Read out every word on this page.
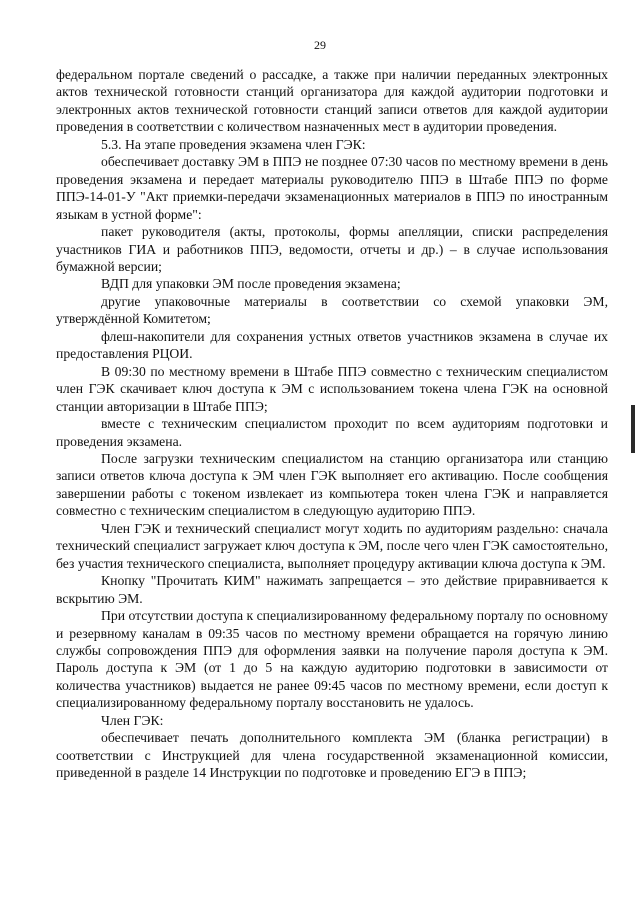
29

федеральном портале сведений о рассадке, а также при наличии переданных электронных актов технической готовности станций организатора для каждой аудитории подготовки и электронных актов технической готовности станций записи ответов для каждой аудитории проведения в соответствии с количеством назначенных мест в аудитории проведения.

5.3. На этапе проведения экзамена член ГЭК:

обеспечивает доставку ЭМ в ППЭ не позднее 07:30 часов по местному времени в день проведения экзамена и передает материалы руководителю ППЭ в Штабе ППЭ по форме ППЭ-14-01-У "Акт приемки-передачи экзаменационных материалов в ППЭ по иностранным языкам в устной форме":

пакет руководителя (акты, протоколы, формы апелляции, списки распределения участников ГИА и работников ППЭ, ведомости, отчеты и др.) – в случае использования бумажной версии;

ВДП для упаковки ЭМ после проведения экзамена;

другие упаковочные материалы в соответствии со схемой упаковки ЭМ, утверждённой Комитетом;

флеш-накопители для сохранения устных ответов участников экзамена в случае их предоставления РЦОИ.

В 09:30 по местному времени в Штабе ППЭ совместно с техническим специалистом член ГЭК скачивает ключ доступа к ЭМ с использованием токена члена ГЭК на основной станции авторизации в Штабе ППЭ;

вместе с техническим специалистом проходит по всем аудиториям подготовки и проведения экзамена.

После загрузки техническим специалистом на станцию организатора или станцию записи ответов ключа доступа к ЭМ член ГЭК выполняет его активацию. После сообщения завершении работы с токеном извлекает из компьютера токен члена ГЭК и направляется совместно с техническим специалистом в следующую аудиторию ППЭ.

Член ГЭК и технический специалист могут ходить по аудиториям раздельно: сначала технический специалист загружает ключ доступа к ЭМ, после чего член ГЭК самостоятельно, без участия технического специалиста, выполняет процедуру активации ключа доступа к ЭМ.

Кнопку "Прочитать КИМ" нажимать запрещается – это действие приравнивается к вскрытию ЭМ.

При отсутствии доступа к специализированному федеральному порталу по основному и резервному каналам в 09:35 часов по местному времени обращается на горячую линию службы сопровождения ППЭ для оформления заявки на получение пароля доступа к ЭМ. Пароль доступа к ЭМ (от 1 до 5 на каждую аудиторию подготовки в зависимости от количества участников) выдается не ранее 09:45 часов по местному времени, если доступ к специализированному федеральному порталу восстановить не удалось.

Член ГЭК:

обеспечивает печать дополнительного комплекта ЭМ (бланка регистрации) в соответствии с Инструкцией для члена государственной экзаменационной комиссии, приведенной в разделе 14 Инструкции по подготовке и проведению ЕГЭ в ППЭ;
